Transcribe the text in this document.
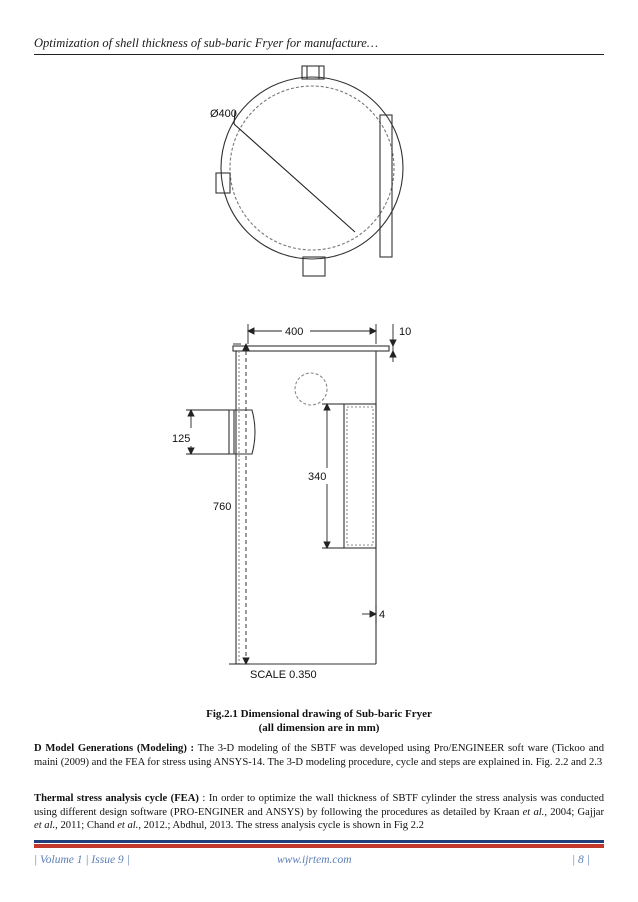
Optimization of shell thickness of sub-baric Fryer for manufacture…
Ø400
400	10
125
340
760
4
SCALE 0.350
Fig.2.1 Dimensional drawing of Sub-baric Fryer
(all dimension are in mm)
D Model Generations (Modeling) : The 3-D modeling of the SBTF was developed using Pro/ENGINEER soft ware (Tickoo and maini (2009) and the FEA for stress using ANSYS-14. The 3-D modeling procedure, cycle and steps are explained in. Fig. 2.2 and 2.3
Thermal stress analysis cycle (FEA) : In order to optimize the wall thickness of SBTF cylinder the stress analysis was conducted using different design software (PRO-ENGINER and ANSYS) by following the procedures as detailed by Kraan et al., 2004; Gajjar et al., 2011; Chand et al., 2012.; Abdhul, 2013. The stress analysis cycle is shown in Fig 2.2
| Volume 1 | Issue 9 |	www.ijrtem.com	| 8 |
